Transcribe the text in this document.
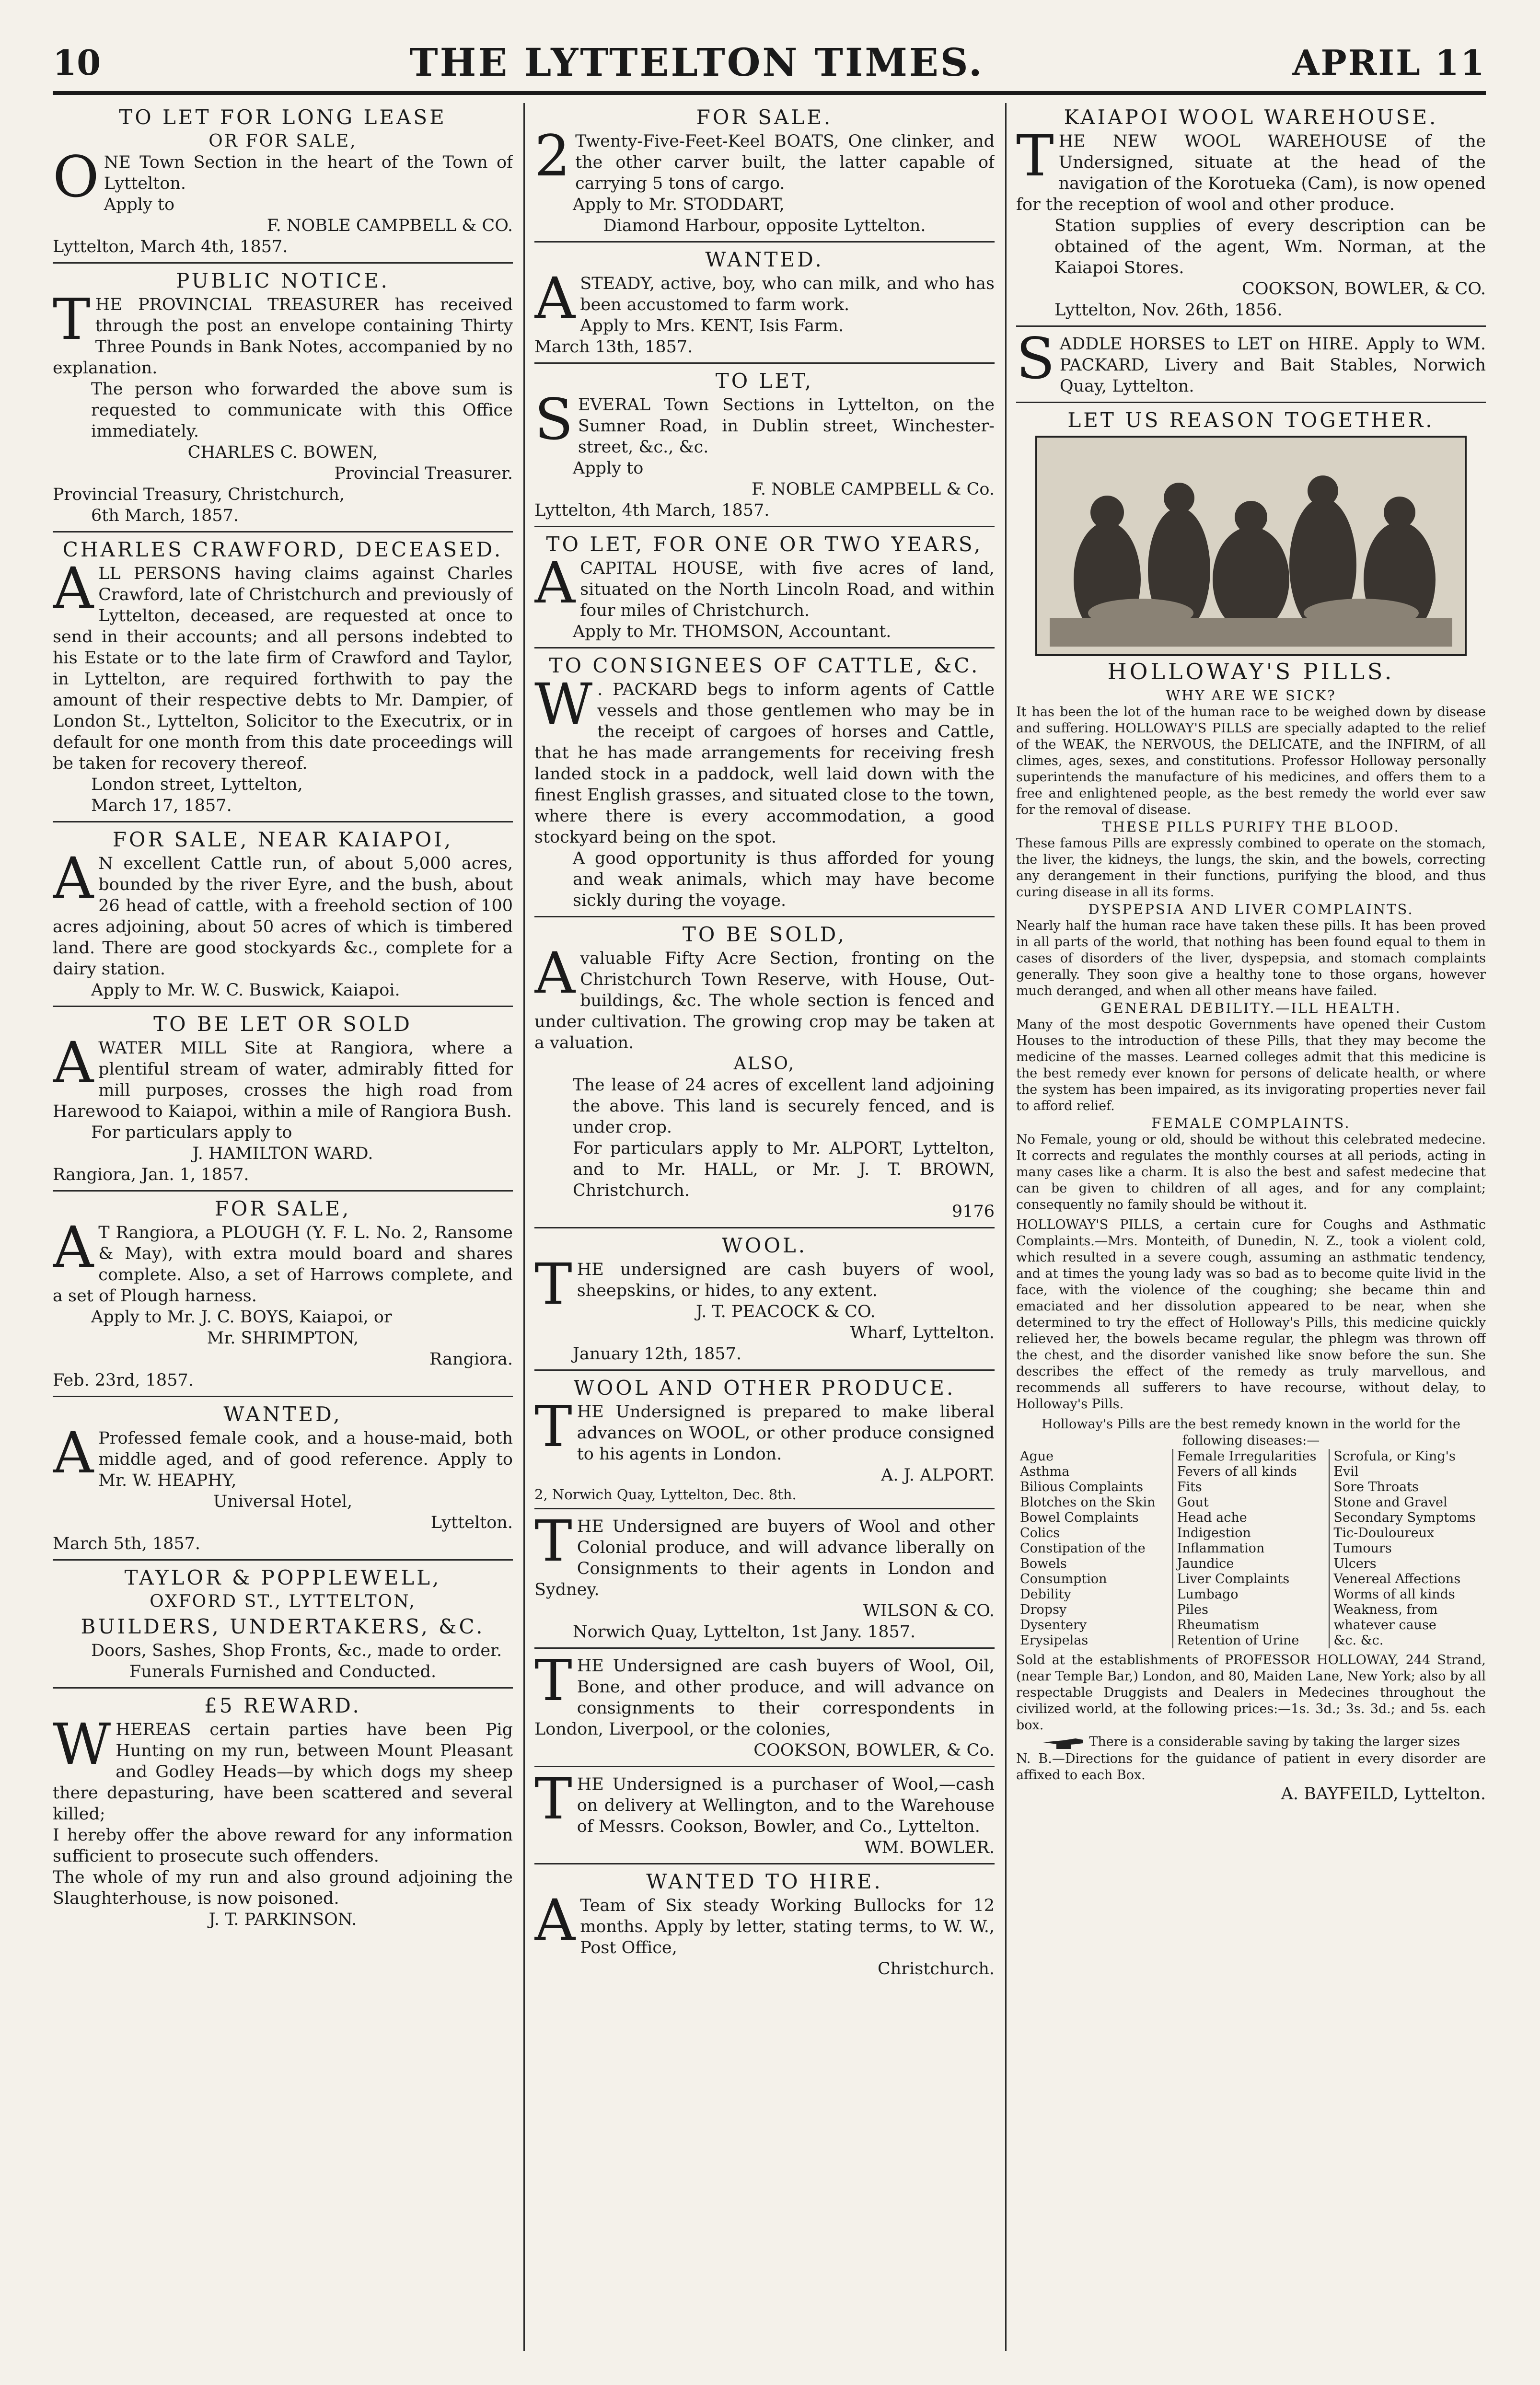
10	THE LYTTELTON TIMES.	APRIL 11
TO LET FOR LONG LEASE
OR FOR SALE,

ONE Town Section in the heart of the Town of Lyttelton.

Apply to

F. NOBLE CAMPBELL & CO.

Lyttelton, March 4th, 1857.

PUBLIC NOTICE.

THE PROVINCIAL TREASURER has received through the post an envelope containing Thirty Three Pounds in Bank Notes, accompanied by no explanation.

The person who forwarded the above sum is requested to communicate with this Office immediately.

CHARLES C. BOWEN,

Provincial Treasurer.

Provincial Treasury, Christchurch,

6th March, 1857.

CHARLES CRAWFORD, DECEASED.

ALL PERSONS having claims against Charles Crawford, late of Christchurch and previously of Lyttelton, deceased, are requested at once to send in their accounts; and all persons indebted to his Estate or to the late firm of Crawford and Taylor, in Lyttelton, are required forthwith to pay the amount of their respective debts to Mr. Dampier, of London St., Lyttelton, Solicitor to the Executrix, or in default for one month from this date proceedings will be taken for recovery thereof.

London street, Lyttelton,

March 17, 1857.

FOR SALE, NEAR KAIAPOI,

A N excellent Cattle run, of about 5,000 acres, bounded by the river Eyre, and the bush, about 26 head of cattle, with a freehold section of 100 acres adjoining, about 50 acres of which is timbered land. There are good stockyards &c., complete for a dairy station.

Apply to Mr. W. C. Buswick, Kaiapoi.

TO BE LET OR SOLD

AWATER MILL Site at Rangiora, where a plentiful stream of water, admirably fitted for mill purposes, crosses the high road from Harewood to Kaiapoi, within a mile of Rangiora Bush.

For particulars apply to

J. HAMILTON WARD.

Rangiora, Jan. 1, 1857.

FOR SALE,

A T Rangiora, a PLOUGH (Y. F. L. No. 2, Ransome & May), with extra mould board and shares complete. Also, a set of Harrows complete, and a set of Plough harness.

Apply to Mr. J. C. BOYS, Kaiapoi, or

Mr. SHRIMPTON,

Rangiora.

Feb. 23rd, 1857.

WANTED,

A Professed female cook, and a house-maid, both middle aged, and of good reference. Apply to Mr. W. HEAPHY,

Universal Hotel,

Lyttelton.

March 5th, 1857.

TAYLOR & POPPLEWELL,
OXFORD ST., LYTTELTON,
BUILDERS, UNDERTAKERS, &C.

Doors, Sashes, Shop Fronts, &c., made to order.

Funerals Furnished and Conducted.

£5 REWARD.

WHEREAS certain parties have been Pig Hunting on my run, between Mount Pleasant and Godley Heads—by which dogs my sheep there depasturing, have been scattered and several killed;

I hereby offer the above reward for any information sufficient to prosecute such offenders.

The whole of my run and also ground adjoining the Slaughterhouse, is now poisoned.

J. T. PARKINSON.

FOR SALE.

2 Twenty-Five-Feet-Keel BOATS, One clinker, and the other carver built, the latter capable of carrying 5 tons of cargo.

Apply to Mr. STODDART,

Diamond Harbour, opposite Lyttelton.

WANTED.

ASTEADY, active, boy, who can milk, and who has been accustomed to farm work.

Apply to Mrs. KENT, Isis Farm.

March 13th, 1857.

TO LET,

SEVERAL Town Sections in Lyttelton, on the Sumner Road, in Dublin street, Winchester-street, &c., &c.

Apply to

F. NOBLE CAMPBELL & Co.

Lyttelton, 4th March, 1857.

TO LET, FOR ONE OR TWO YEARS,

ACAPITAL HOUSE, with five acres of land, situated on the North Lincoln Road, and within four miles of Christchurch.

Apply to Mr. THOMSON, Accountant.

TO CONSIGNEES OF CATTLE, &C.

W . PACKARD begs to inform agents of Cattle vessels and those gentlemen who may be in the receipt of cargoes of horses and Cattle, that he has made arrangements for receiving fresh landed stock in a paddock, well laid down with the finest English grasses, and situated close to the town, where there is every accommodation, a good stockyard being on the spot.

A good opportunity is thus afforded for young and weak animals, which may have become sickly during the voyage.

TO BE SOLD,

Avaluable Fifty Acre Section, fronting on the Christchurch Town Reserve, with House, Out-buildings, &c. The whole section is fenced and under cultivation. The growing crop may be taken at a valuation.

ALSO,

The lease of 24 acres of excellent land adjoining the above. This land is securely fenced, and is under crop.

For particulars apply to Mr. ALPORT, Lyttelton, and to Mr. HALL, or Mr. J. T. BROWN, Christchurch.

9176

WOOL.

THE undersigned are cash buyers of wool, sheepskins, or hides, to any extent.

J. T. PEACOCK & CO.

Wharf, Lyttelton.

January 12th, 1857.

WOOL AND OTHER PRODUCE.

THE Undersigned is prepared to make liberal advances on WOOL, or other produce consigned to his agents in London.

A. J. ALPORT.

2, Norwich Quay, Lyttelton, Dec. 8th.

THE Undersigned are buyers of Wool and other Colonial produce, and will advance liberally on Consignments to their agents in London and Sydney.

WILSON & CO.

Norwich Quay, Lyttelton, 1st Jany. 1857.

THE Undersigned are cash buyers of Wool, Oil, Bone, and other produce, and will advance on consignments to their correspondents in London, Liverpool, or the colonies,

COOKSON, BOWLER, & Co.

THE Undersigned is a purchaser of Wool,—cash on delivery at Wellington, and to the Warehouse of Messrs. Cookson, Bowler, and Co., Lyttelton.

WM. BOWLER.

WANTED TO HIRE.

A Team of Six steady Working Bullocks for 12 months. Apply by letter, stating terms, to W. W., Post Office,

Christchurch.

KAIAPOI WOOL WAREHOUSE.

THE NEW WOOL WAREHOUSE of the Undersigned, situate at the head of the navigation of the Korotueka (Cam), is now opened for the reception of wool and other produce.

Station supplies of every description can be obtained of the agent, Wm. Norman, at the Kaiapoi Stores.

COOKSON, BOWLER, & CO.

Lyttelton, Nov. 26th, 1856.

SADDLE HORSES to LET on HIRE. Apply to WM. PACKARD, Livery and Bait Stables, Norwich Quay, Lyttelton.

LET US REASON TOGETHER.
HOLLOWAY'S PILLS.
WHY ARE WE SICK?

It has been the lot of the human race to be weighed down by disease and suffering. HOLLOWAY'S PILLS are specially adapted to the relief of the WEAK, the NERVOUS, the DELICATE, and the INFIRM, of all climes, ages, sexes, and constitutions. Professor Holloway personally superintends the manufacture of his medicines, and offers them to a free and enlightened people, as the best remedy the world ever saw for the removal of disease.

THESE PILLS PURIFY THE BLOOD.

These famous Pills are expressly combined to operate on the stomach, the liver, the kidneys, the lungs, the skin, and the bowels, correcting any derangement in their functions, purifying the blood, and thus curing disease in all its forms.

DYSPEPSIA AND LIVER COMPLAINTS.

Nearly half the human race have taken these pills. It has been proved in all parts of the world, that nothing has been found equal to them in cases of disorders of the liver, dyspepsia, and stomach complaints generally. They soon give a healthy tone to those organs, however much deranged, and when all other means have failed.

GENERAL DEBILITY.—ILL HEALTH.

Many of the most despotic Governments have opened their Custom Houses to the introduction of these Pills, that they may become the medicine of the masses. Learned colleges admit that this medicine is the best remedy ever known for persons of delicate health, or where the system has been impaired, as its invigorating properties never fail to afford relief.

FEMALE COMPLAINTS.

No Female, young or old, should be without this celebrated medecine. It corrects and regulates the monthly courses at all periods, acting in many cases like a charm. It is also the best and safest medecine that can be given to children of all ages, and for any complaint; consequently no family should be without it.

HOLLOWAY'S PILLS, a certain cure for Coughs and Asthmatic Complaints.—Mrs. Monteith, of Dunedin, N. Z., took a violent cold, which resulted in a severe cough, assuming an asthmatic tendency, and at times the young lady was so bad as to become quite livid in the face, with the violence of the coughing; she became thin and emaciated and her dissolution appeared to be near, when she determined to try the effect of Holloway's Pills, this medicine quickly relieved her, the bowels became regular, the phlegm was thrown off the chest, and the disorder vanished like snow before the sun. She describes the effect of the remedy as truly marvellous, and recommends all sufferers to have recourse, without delay, to Holloway's Pills.

Holloway's Pills are the best remedy known in the world for the following diseases:—

Ague
Asthma
Bilious Complaints
Blotches on the Skin
Bowel Complaints
Colics
Constipation of the Bowels
Consumption
Debility
Dropsy
Dysentery
Erysipelas

Female Irregularities
Fevers of all kinds
Fits
Gout
Head ache
Indigestion
Inflammation
Jaundice
Liver Complaints
Lumbago
Piles
Rheumatism
Retention of Urine

Scrofula, or King's Evil
Sore Throats
Stone and Gravel
Secondary Symptoms
Tic-Douloureux
Tumours
Ulcers
Venereal Affections
Worms of all kinds
Weakness, from whatever cause
&c. &c.

Sold at the establishments of PROFESSOR HOLLOWAY, 244 Strand, (near Temple Bar,) London, and 80, Maiden Lane, New York; also by all respectable Druggists and Dealers in Medecines throughout the civilized world, at the following prices:—1s. 3d.; 3s. 3d.; and 5s. each box.

There is a considerable saving by taking the larger sizes

N. B.—Directions for the guidance of patient in every disorder are affixed to each Box.

A. BAYFEILD, Lyttelton.
